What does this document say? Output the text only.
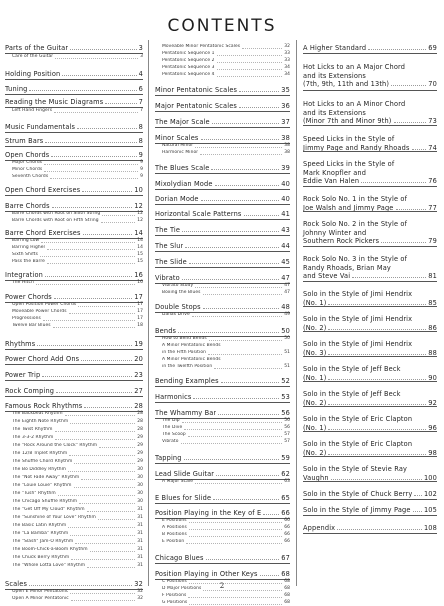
CONTENTS
Parts of the Guitar	3
Care of the Guitar	3
Holding Position	4
Tuning	6
Reading the Music Diagrams	7
Left Hand Fingers	7
Music Fundamentals	8
Strum Bars	8
Open Chords	9
Major Chords	9
Minor Chords	9
Seventh Chords	9
Open Chord Exercises	10
Barre Chords	12
Barre Chords with Root on Sixth String	12
Barre Chords with Root on Fifth String	12
Barre Chord Exercises	14
Barring Low	14
Barring Higher	14
Sixth Shifts	15
Pass the Barre	15
Integration	16
The Hitch	16
Power Chords	17
Open Position Power Chords	17
Moveable Power Chords	17
Progressions	17
Twelve Bar Blues	18
Rhythms	19
Power Chord Add Ons	20
Power Trip	23
Rock Comping	27
Famous Rock Rhythms	28
The Backbeat Rhythm	28
The Eighth Note Rhythm	28
The Twist Rhythm	28
The 3-3-2 Rhythm	29
The "Rock Around the Clock" Rhythm	29
The 12/8 Triplet Rhythm	29
The Shuffle Chord Rhythm	29
The Bo Diddley Rhythm	30
The "Not Fade Away" Rhythm	30
The "Louie Louie" Rhythm	30
The "Tush" Rhythm	30
The Chicago Shuffle Rhythm	30
The "Get Off My Cloud" Rhythm	31
The "Sunshine of Your Love" Rhythm	31
The Basic Latin Rhythm	31
The "La Bamba" Rhythm	31
The "Slash" Jam-O Rhythm	31
The Boom-Chick-a-Boom Rhythm	31
The Chuck Berry Rhythm	31
The "Whole Lotta Love" Rhythm	31
Scales	32
Open E Minor Pentatonic	32
Open A Minor Pentatonic	32
Moveable Minor Pentatonic Scales	32
Pentatonic Sequence 1	33
Pentatonic Sequence 2	33
Pentatonic Sequence 3	34
Pentatonic Sequence 4	34
Minor Pentatonic Scales	35
Major Pentatonic Scales	36
The Major Scale	37
Minor Scales	38
Natural Minor	38
Harmonic Minor	38
The Blues Scale	39
Mixolydian Mode	40
Dorian Mode	40
Horizontal Scale Patterns	41
The Tie	43
The Slur	44
The Slide	45
Vibrato	47
Vibrato Study	47
Boxing the Blues	47
Double Stops	48
Dallas Drive	49
Bends	50
How to Bend Bends	50
A Minor Pentatonic Bends
in the Fifth Position	51
A Minor Pentatonic Bends
in the Twelfth Position	51
Bending Examples	52
Harmonics	53
The Whammy Bar	56
The Dip	56
The Dive	56
The Scoop	57
Vibrato	57
Tapping	59
Lead Slide Guitar	62
A Major Scale	63
E Blues for Slide	65
Position Playing in the Key of E	66
E Positions	66
A Positions	66
B Positions	66
E Position	66
Chicago Blues	67
Position Playing in Other Keys	68
C Positions	68
D Major Positions	68
F Positions	68
G Positions	68
A Higher Standard	69
Hot Licks to an A Major Chord
and its Extensions
(7th, 9th, 11th and 13th)	70
Hot Licks to an A Minor Chord
and its Extensions
(Minor 7th and Minor 9th)	73
Speed Licks in the Style of
Jimmy Page and Randy Rhoads	74
Speed Licks in the Style of
Mark Knopfler and
Eddie Van Halen	76
Rock Solo No. 1 in the Style of
Joe Walsh and Jimmy Page	77
Rock Solo No. 2 in the Style of
Johnny Winter and
Southern Rock Pickers	79
Rock Solo No. 3 in the Style of
Randy Rhoads, Brian May
and Steve Vai	81
Solo in the Style of Jimi Hendrix
(No. 1)	85
Solo in the Style of Jimi Hendrix
(No. 2)	86
Solo in the Style of Jimi Hendrix
(No. 3)	88
Solo in the Style of Jeff Beck
(No. 1)	90
Solo in the Style of Jeff Beck
(No. 2)	92
Solo in the Style of Eric Clapton
(No. 1)	96
Solo in the Style of Eric Clapton
(No. 2)	98
Solo in the Style of Stevie Ray
Vaughn	100
Solo in the Style of Chuck Berry 102
Solo in the Style of Jimmy Page 105
Appendix	108
2
